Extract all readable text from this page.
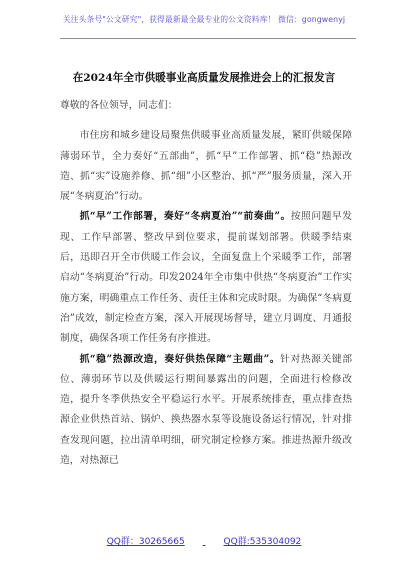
关注头条号"公文研究"，获得最新最全最专业的公文资料库！ 微信：gongwenyj
在2024年全市供暖事业高质量发展推进会上的汇报发言

尊敬的各位领导，同志们：

市住房和城乡建设局聚焦供暖事业高质量发展，紧盯供暖保障薄弱环节，全力奏好“五部曲”，抓“早”工作部署、抓“稳”热源改造、抓“实”设施养修、抓“细”小区整治、抓“严”服务质量，深入开展“冬病夏治”行动。

抓“早”工作部署，奏好“冬病夏治”“前奏曲”。按照问题早发现、工作早部署、整改早到位要求，提前谋划部署。供暖季结束后，迅即召开全市供暖工作会议，全面复盘上个采暖季工作，部署启动“冬病夏治”行动。印发2024年全市集中供热“冬病夏治”工作实施方案，明确重点工作任务、责任主体和完成时限。为确保“冬病夏治”成效，制定检查方案，深入开展现场督导，建立月调度、月通报制度，确保各项工作任务有序推进。

抓“稳”热源改造，奏好供热保障“主题曲”。针对热源关键部位、薄弱环节以及供暖运行期间暴露出的问题，全面进行检修改造，提升冬季供热安全平稳运行水平。开展系统排查，重点排查热源企业供热首站、锅炉、换热器水泵等设施设备运行情况，针对排查发现问题，拉出清单明细，研究制定检修方案。推进热源升级改造，对热源已

QQ群：30265665	QQ群:535304092
